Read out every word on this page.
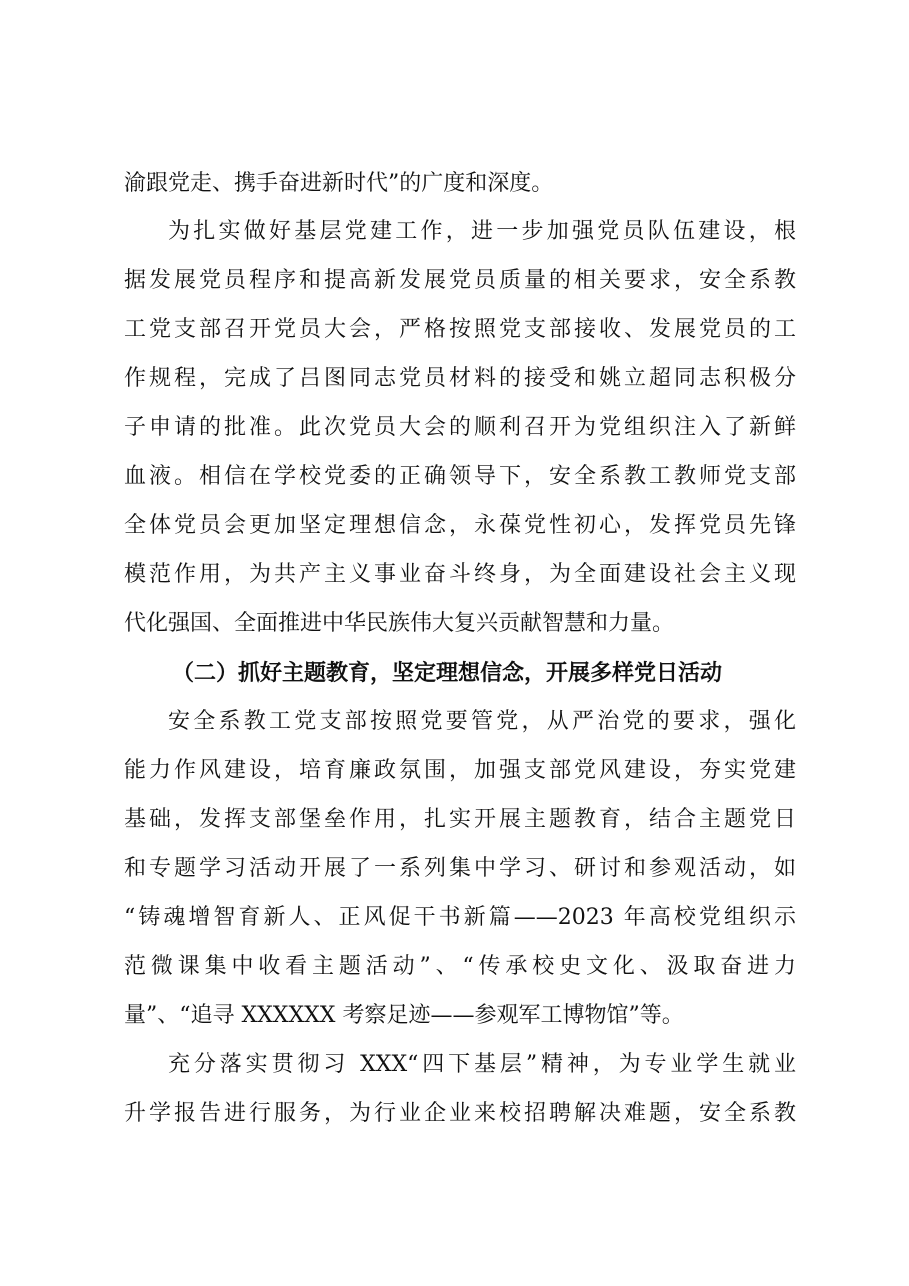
渝跟党走、携手奋进新时代”的广度和深度。
为扎实做好基层党建工作，进一步加强党员队伍建设，根
据发展党员程序和提高新发展党员质量的相关要求，安全系教
工党支部召开党员大会，严格按照党支部接收、发展党员的工
作规程，完成了吕图同志党员材料的接受和姚立超同志积极分
子申请的批准。此次党员大会的顺利召开为党组织注入了新鲜
血液。相信在学校党委的正确领导下，安全系教工教师党支部
全体党员会更加坚定理想信念，永葆党性初心，发挥党员先锋
模范作用，为共产主义事业奋斗终身，为全面建设社会主义现
代化强国、全面推进中华民族伟大复兴贡献智慧和力量。
（二）抓好主题教育，坚定理想信念，开展多样党日活动
安全系教工党支部按照党要管党，从严治党的要求，强化
能力作风建设，培育廉政氛围，加强支部党风建设，夯实党建
基础，发挥支部堡垒作用，扎实开展主题教育，结合主题党日
和专题学习活动开展了一系列集中学习、研讨和参观活动，如
“铸魂增智育新人、正风促干书新篇——2023 年高校党组织示
范微课集中收看主题活动”、“传承校史文化、汲取奋进力
量”、“追寻 XXXXXX 考察足迹——参观军工博物馆”等。
充分落实贯彻习 XXX“四下基层”精神，为专业学生就业
升学报告进行服务，为行业企业来校招聘解决难题，安全系教
